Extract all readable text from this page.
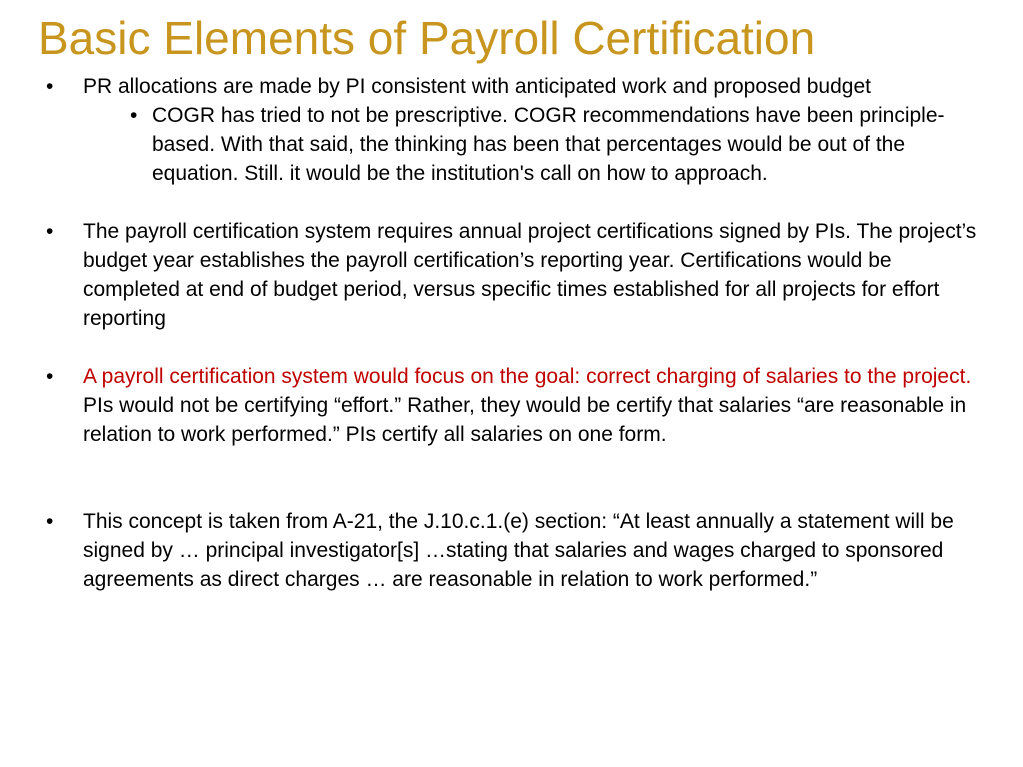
Basic Elements of Payroll Certification
• PR allocations are made by PI consistent with anticipated work and proposed budget
• COGR has tried to not be prescriptive. COGR recommendations have been principle-based. With that said, the thinking has been that percentages would be out of the equation. Still. it would be the institution's call on how to approach.
• The payroll certification system requires annual project certifications signed by PIs. The project’s budget year establishes the payroll certification’s reporting year. Certifications would be completed at end of budget period, versus specific times established for all projects for effort reporting
• A payroll certification system would focus on the goal: correct charging of salaries to the project. PIs would not be certifying “effort.” Rather, they would be certify that salaries “are reasonable in relation to work performed.” PIs certify all salaries on one form.
• This concept is taken from A-21, the J.10.c.1.(e) section: “At least annually a statement will be signed by … principal investigator[s] …stating that salaries and wages charged to sponsored agreements as direct charges … are reasonable in relation to work performed.”
